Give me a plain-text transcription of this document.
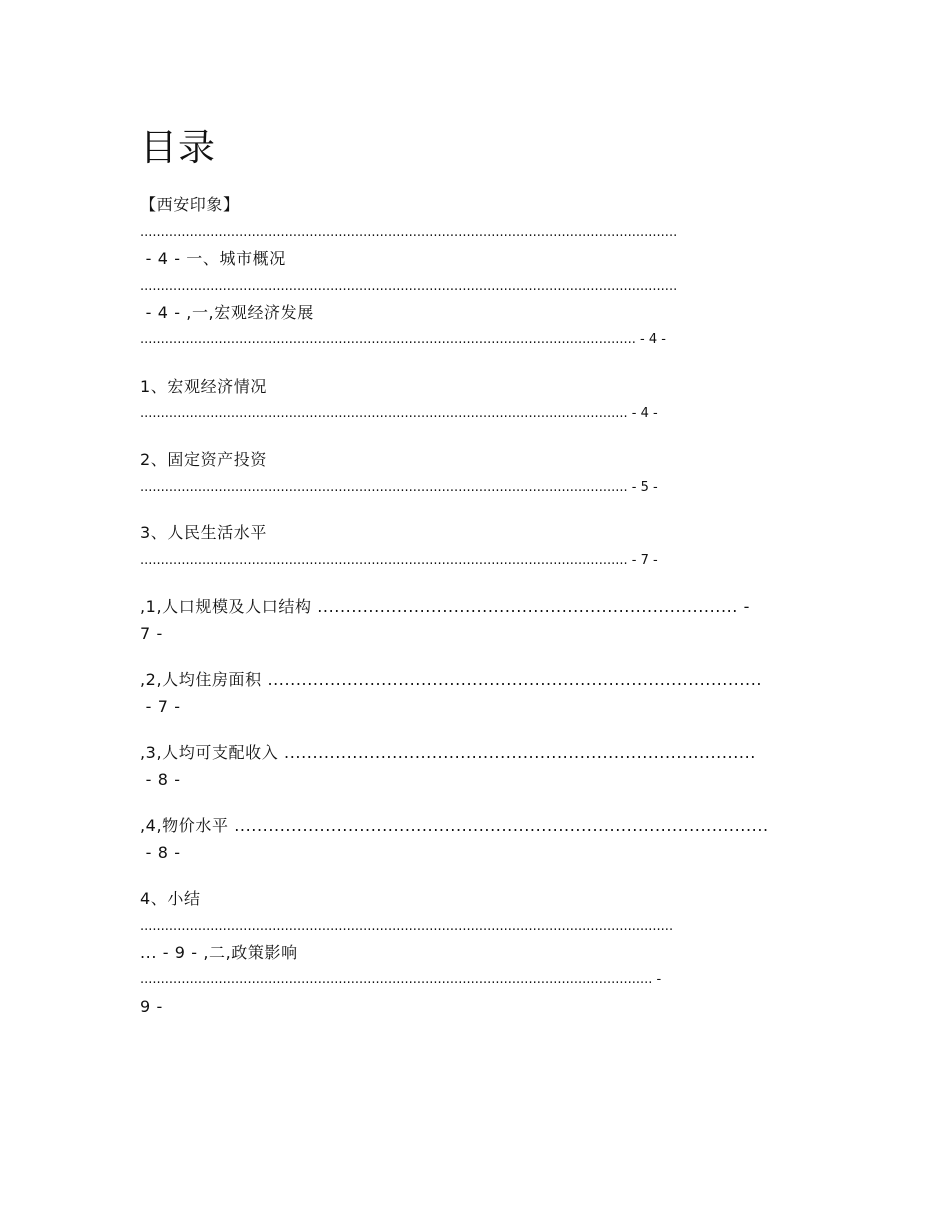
目录
【西安印象】
..................................................................................................................................
- 4 - 一、城市概况
..................................................................................................................................
- 4 - ,一,宏观经济发展
........................................................................................................................ - 4 -
1、宏观经济情况
...................................................................................................................... - 4 -
2、固定资产投资
...................................................................................................................... - 5 -
3、人民生活水平
...................................................................................................................... - 7 -
,1,人口规模及人口结构 .......................................................................... -
7 -
,2,人均住房面积 .......................................................................................
- 7 -
,3,人均可支配收入 ...................................................................................
- 8 -
,4,物价水平 ..............................................................................................
- 8 -
4、小结
.................................................................................................................................
... - 9 - ,二,政策影响
............................................................................................................................ -
9 -
